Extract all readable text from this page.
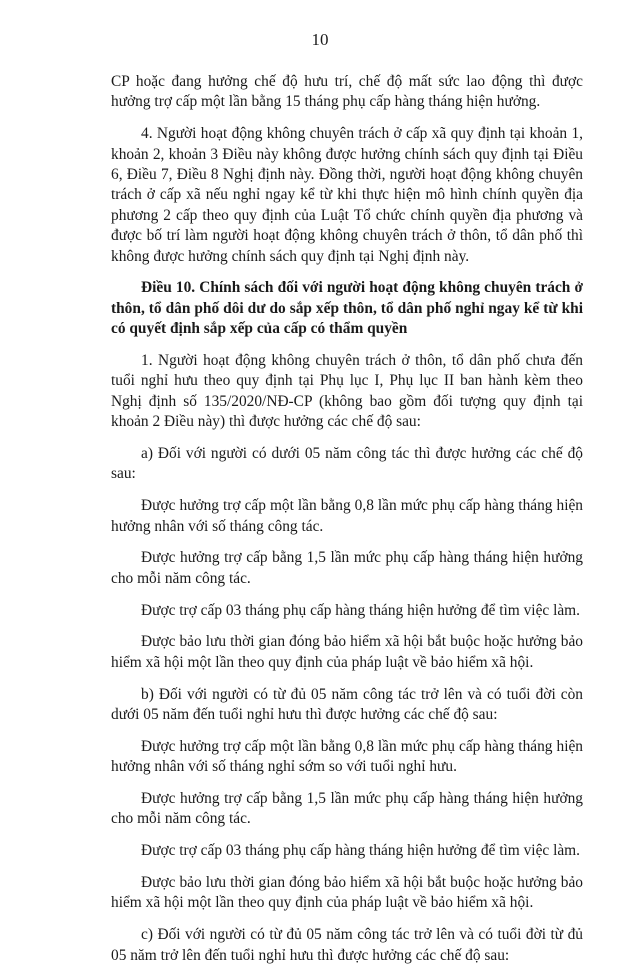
10

CP hoặc đang hưởng chế độ hưu trí, chế độ mất sức lao động thì được hưởng trợ cấp một lần bằng 15 tháng phụ cấp hàng tháng hiện hưởng.

4. Người hoạt động không chuyên trách ở cấp xã quy định tại khoản 1, khoản 2, khoản 3 Điều này không được hưởng chính sách quy định tại Điều 6, Điều 7, Điều 8 Nghị định này. Đồng thời, người hoạt động không chuyên trách ở cấp xã nếu nghỉ ngay kể từ khi thực hiện mô hình chính quyền địa phương 2 cấp theo quy định của Luật Tổ chức chính quyền địa phương và được bố trí làm người hoạt động không chuyên trách ở thôn, tổ dân phố thì không được hưởng chính sách quy định tại Nghị định này.

Điều 10. Chính sách đối với người hoạt động không chuyên trách ở thôn, tổ dân phố dôi dư do sắp xếp thôn, tổ dân phố nghỉ ngay kể từ khi có quyết định sắp xếp của cấp có thẩm quyền

1. Người hoạt động không chuyên trách ở thôn, tổ dân phố chưa đến tuổi nghỉ hưu theo quy định tại Phụ lục I, Phụ lục II ban hành kèm theo Nghị định số 135/2020/NĐ-CP (không bao gồm đối tượng quy định tại khoản 2 Điều này) thì được hưởng các chế độ sau:

a) Đối với người có dưới 05 năm công tác thì được hưởng các chế độ sau:

Được hưởng trợ cấp một lần bằng 0,8 lần mức phụ cấp hàng tháng hiện hưởng nhân với số tháng công tác.

Được hưởng trợ cấp bằng 1,5 lần mức phụ cấp hàng tháng hiện hưởng cho mỗi năm công tác.

Được trợ cấp 03 tháng phụ cấp hàng tháng hiện hưởng để tìm việc làm.

Được bảo lưu thời gian đóng bảo hiểm xã hội bắt buộc hoặc hưởng bảo hiểm xã hội một lần theo quy định của pháp luật về bảo hiểm xã hội.

b) Đối với người có từ đủ 05 năm công tác trở lên và có tuổi đời còn dưới 05 năm đến tuổi nghỉ hưu thì được hưởng các chế độ sau:

Được hưởng trợ cấp một lần bằng 0,8 lần mức phụ cấp hàng tháng hiện hưởng nhân với số tháng nghỉ sớm so với tuổi nghỉ hưu.

Được hưởng trợ cấp bằng 1,5 lần mức phụ cấp hàng tháng hiện hưởng cho mỗi năm công tác.

Được trợ cấp 03 tháng phụ cấp hàng tháng hiện hưởng để tìm việc làm.

Được bảo lưu thời gian đóng bảo hiểm xã hội bắt buộc hoặc hưởng bảo hiểm xã hội một lần theo quy định của pháp luật về bảo hiểm xã hội.

c) Đối với người có từ đủ 05 năm công tác trở lên và có tuổi đời từ đủ 05 năm trở lên đến tuổi nghỉ hưu thì được hưởng các chế độ sau:
